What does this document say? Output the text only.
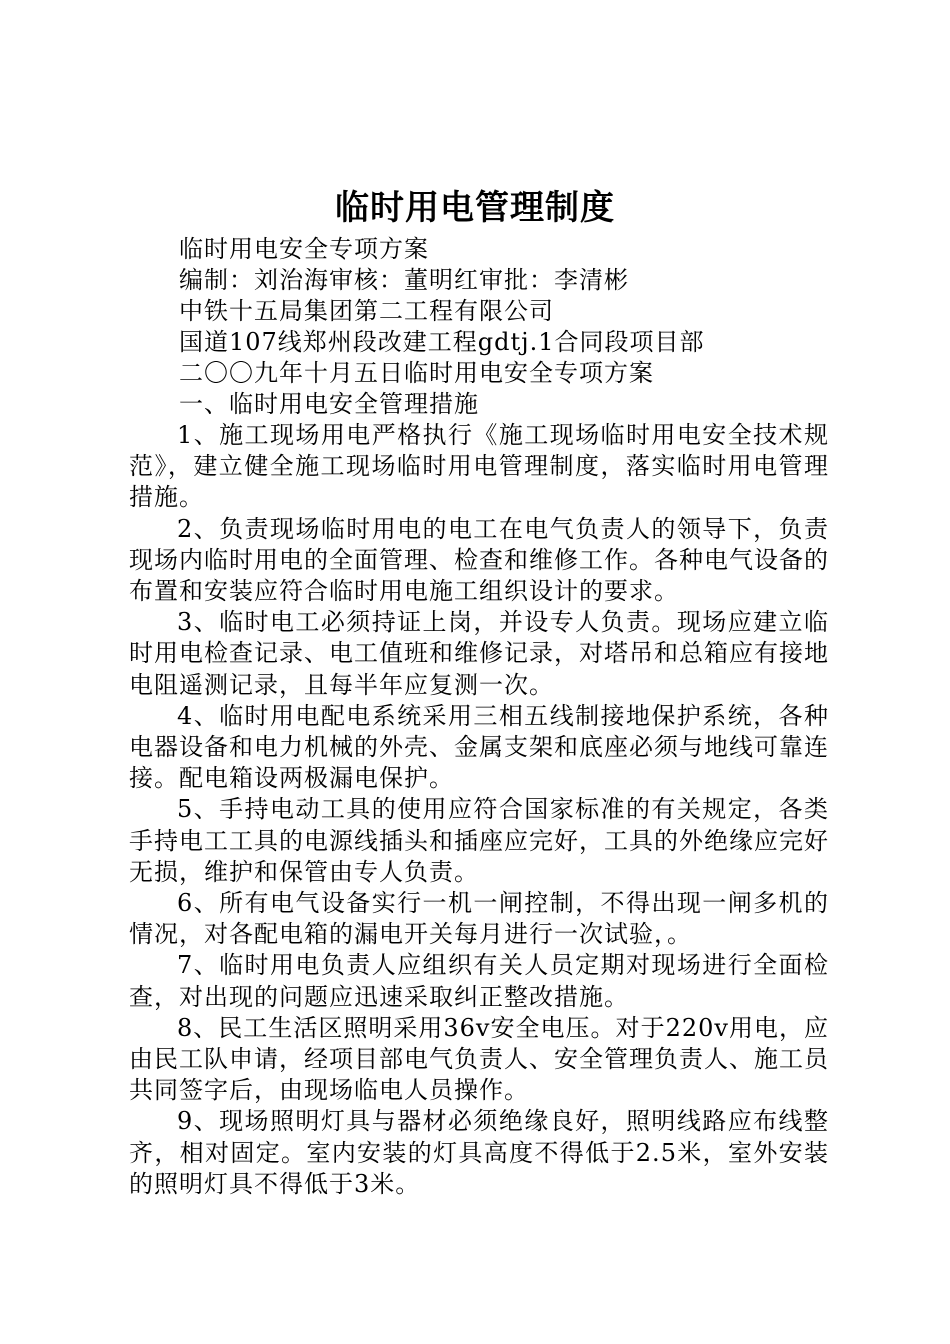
临时用电管理制度
临时用电安全专项方案
编制：刘治海审核：董明红审批：李清彬
中铁十五局集团第二工程有限公司
国道107线郑州段改建工程gdtj.1合同段项目部
二〇〇九年十月五日临时用电安全专项方案
一、临时用电安全管理措施

1、施工现场用电严格执行《施工现场临时用电安全技术规范》，建立健全施工现场临时用电管理制度，落实临时用电管理措施。

2、负责现场临时用电的电工在电气负责人的领导下，负责现场内临时用电的全面管理、检查和维修工作。各种电气设备的布置和安装应符合临时用电施工组织设计的要求。

3、临时电工必须持证上岗，并设专人负责。现场应建立临时用电检查记录、电工值班和维修记录，对塔吊和总箱应有接地电阻遥测记录，且每半年应复测一次。

4、临时用电配电系统采用三相五线制接地保护系统，各种电器设备和电力机械的外壳、金属支架和底座必须与地线可靠连接。配电箱设两极漏电保护。

5、手持电动工具的使用应符合国家标准的有关规定，各类手持电工工具的电源线插头和插座应完好，工具的外绝缘应完好无损，维护和保管由专人负责。

6、所有电气设备实行一机一闸控制，不得出现一闸多机的情况，对各配电箱的漏电开关每月进行一次试验，。

7、临时用电负责人应组织有关人员定期对现场进行全面检查，对出现的问题应迅速采取纠正整改措施。

8、民工生活区照明采用36v安全电压。对于220v用电，应由民工队申请，经项目部电气负责人、安全管理负责人、施工员共同签字后，由现场临电人员操作。

9、现场照明灯具与器材必须绝缘良好，照明线路应布线整齐，相对固定。室内安装的灯具高度不得低于2.5米，室外安装的照明灯具不得低于3米。
